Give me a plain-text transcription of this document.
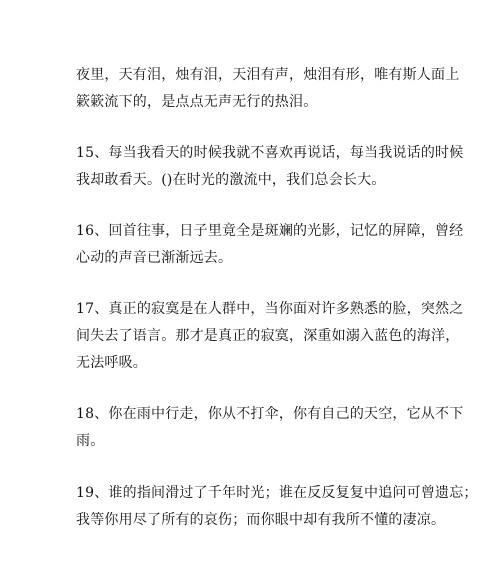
夜里，天有泪，烛有泪，天泪有声，烛泪有形，唯有斯人面上
簌簌流下的，是点点无声无行的热泪。
15、每当我看天的时候我就不喜欢再说话，每当我说话的时候
我却敢看天。()在时光的激流中，我们总会长大。
16、回首往事，日子里竟全是斑斓的光影，记忆的屏障，曾经
心动的声音已渐渐远去。
17、真正的寂寞是在人群中，当你面对许多熟悉的脸，突然之
间失去了语言。那才是真正的寂寞，深重如溺入蓝色的海洋，
无法呼吸。
18、你在雨中行走，你从不打伞，你有自己的天空，它从不下
雨。
19、谁的指间滑过了千年时光；谁在反反复复中追问可曾遗忘；
我等你用尽了所有的哀伤；而你眼中却有我所不懂的凄凉。
